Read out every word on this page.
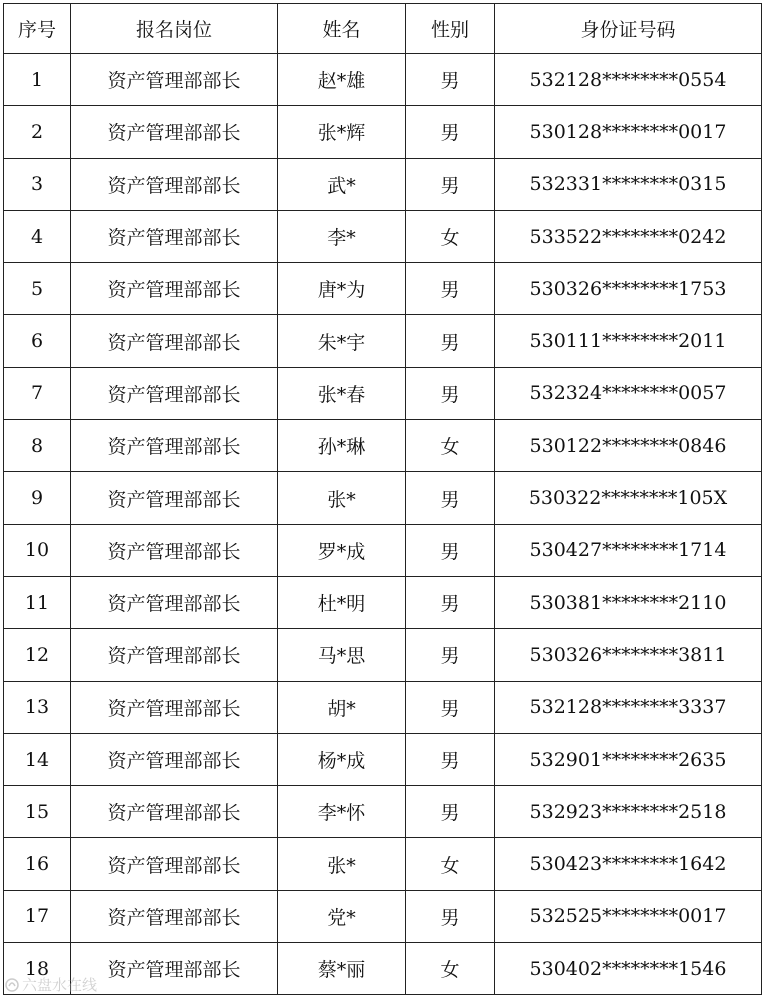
序号	报名岗位	姓名	性别	身份证号码
1	资产管理部部长	赵*雄	男	532128********0554
2	资产管理部部长	张*辉	男	530128********0017
3	资产管理部部长	武*	男	532331********0315
4	资产管理部部长	李*	女	533522********0242
5	资产管理部部长	唐*为	男	530326********1753
6	资产管理部部长	朱*宇	男	530111********2011
7	资产管理部部长	张*春	男	532324********0057
8	资产管理部部长	孙*琳	女	530122********0846
9	资产管理部部长	张*	男	530322********105X
10	资产管理部部长	罗*成	男	530427********1714
11	资产管理部部长	杜*明	男	530381********2110
12	资产管理部部长	马*思	男	530326********3811
13	资产管理部部长	胡*	男	532128********3337
14	资产管理部部长	杨*成	男	532901********2635
15	资产管理部部长	李*怀	男	532923********2518
16	资产管理部部长	张*	女	530423********1642
17	资产管理部部长	党*	男	532525********0017
18	资产管理部部长	蔡*丽	女	530402********1546
六盘水在线
